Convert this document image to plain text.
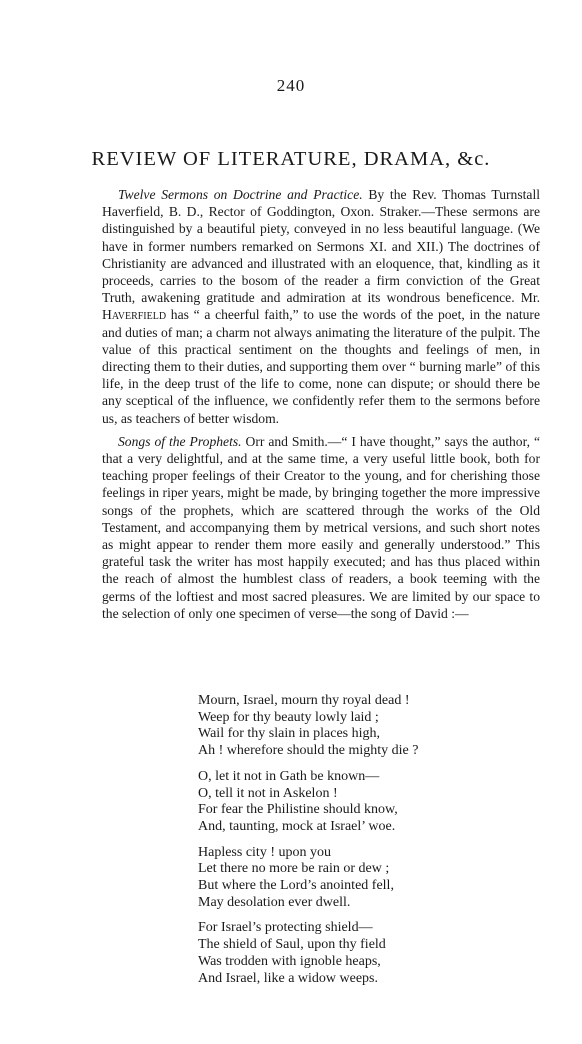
240
REVIEW OF LITERATURE, DRAMA, &c.

Twelve Sermons on Doctrine and Practice. By the Rev. Thomas Turnstall Haverfield, B. D., Rector of Goddington, Oxon. Straker.—These sermons are distinguished by a beautiful piety, conveyed in no less beautiful language. (We have in former numbers remarked on Sermons XI. and XII.) The doctrines of Christianity are advanced and illustrated with an eloquence, that, kindling as it proceeds, carries to the bosom of the reader a firm conviction of the Great Truth, awakening gratitude and admiration at its wondrous beneficence. Mr. Haverfield has “ a cheerful faith,” to use the words of the poet, in the nature and duties of man; a charm not always animating the literature of the pulpit. The value of this practical sentiment on the thoughts and feelings of men, in directing them to their duties, and supporting them over “ burning marle” of this life, in the deep trust of the life to come, none can dispute; or should there be any sceptical of the influence, we confidently refer them to the sermons before us, as teachers of better wisdom.

Songs of the Prophets. Orr and Smith.—“ I have thought,” says the author, “ that a very delightful, and at the same time, a very useful little book, both for teaching proper feelings of their Creator to the young, and for cherishing those feelings in riper years, might be made, by bringing together the more impressive songs of the prophets, which are scattered through the works of the Old Testament, and accompanying them by metrical versions, and such short notes as might appear to render them more easily and generally understood.” This grateful task the writer has most happily executed; and has thus placed within the reach of almost the humblest class of readers, a book teeming with the germs of the loftiest and most sacred pleasures. We are limited by our space to the selection of only one specimen of verse—the song of David :—

Mourn, Israel, mourn thy royal dead !
Weep for thy beauty lowly laid ;
Wail for thy slain in places high,
Ah ! wherefore should the mighty die ?
O, let it not in Gath be known—
O, tell it not in Askelon !
For fear the Philistine should know,
And, taunting, mock at Israel’ woe.
Hapless city ! upon you
Let there no more be rain or dew ;
But where the Lord’s anointed fell,
May desolation ever dwell.
For Israel’s protecting shield—
The shield of Saul, upon thy field
Was trodden with ignoble heaps,
And Israel, like a widow weeps.
